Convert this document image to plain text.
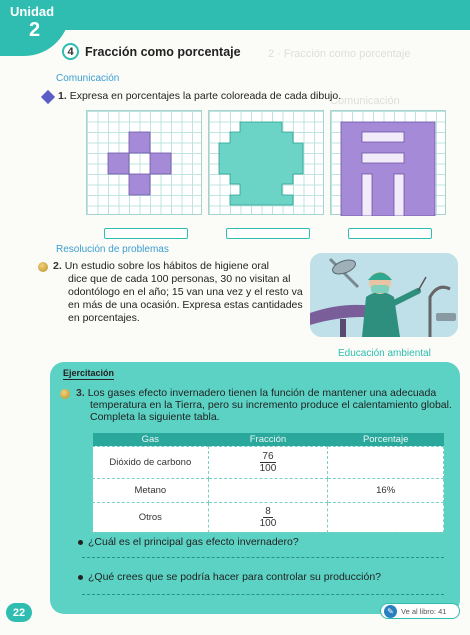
Unidad
2
2 · Fracción como porcentaje
Comunicación
4 Fracción como porcentaje
Comunicación
1. Expresa en porcentajes la parte coloreada de cada dibujo.
Resolución de problemas
2. Un estudio sobre los hábitos de higiene oral
dice que de cada 100 personas, 30 no visitan al
odontólogo en el año; 15 van una vez y el resto va
en más de una ocasión. Expresa estas cantidades
en porcentajes.
Educación ambiental
Ejercitación
3. Los gases efecto invernadero tienen la función de mantener una adecuada
temperatura en la Tierra, pero su incremento produce el calentamiento global.
Completa la siguiente tabla.
Gas	Fracción	Porcentaje
Dióxido de carbono	$\frac{76}{100}$

Metano		16%
Otros	$\frac{8}{100}$

¿Cuál es el principal gas efecto invernadero?
¿Qué crees que se podría hacer para controlar su producción?
22	✎ Ve al libro: 41
